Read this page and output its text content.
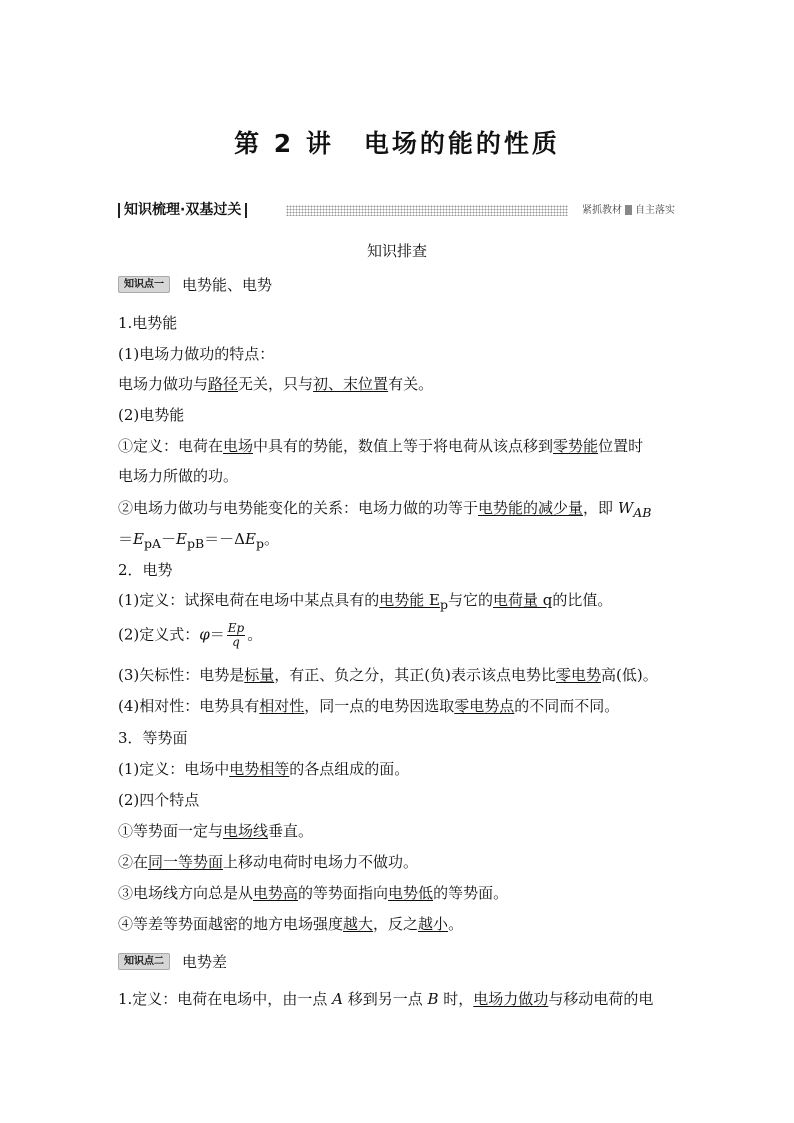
第 2 讲 电场的能的性质
知识梳理·双基过关	紧抓教材 自主落实
知识排查
知识点一	电势能、电势
1.电势能
(1)电场力做功的特点：
电场力做功与路径无关，只与初、末位置有关。
(2)电势能
①定义：电荷在电场中具有的势能，数值上等于将电荷从该点移到零势能位置时
电场力所做的功。
②电场力做功与电势能变化的关系：电场力做的功等于电势能的减少量，即 $W_{AB}$
$=E_{pA}-E_{pB}=-\Delta E_p$。
2．电势
(1)定义：试探电荷在电场中某点具有的电势能 $E_p$与它的电荷量 q的比值。
(2)定义式：$\varphi= \frac{Ep}{q}$ 。
(3)矢标性：电势是标量，有正、负之分，其正(负)表示该点电势比零电势高(低)。
(4)相对性：电势具有相对性，同一点的电势因选取零电势点的不同而不同。
3．等势面
(1)定义：电场中电势相等的各点组成的面。
(2)四个特点
①等势面一定与电场线垂直。
②在同一等势面上移动电荷时电场力不做功。
③电场线方向总是从电势高的等势面指向电势低的等势面。
④等差等势面越密的地方电场强度越大，反之越小。
知识点二	电势差
1.定义：电荷在电场中，由一点 A 移到另一点 B 时，电场力做功与移动电荷的电
